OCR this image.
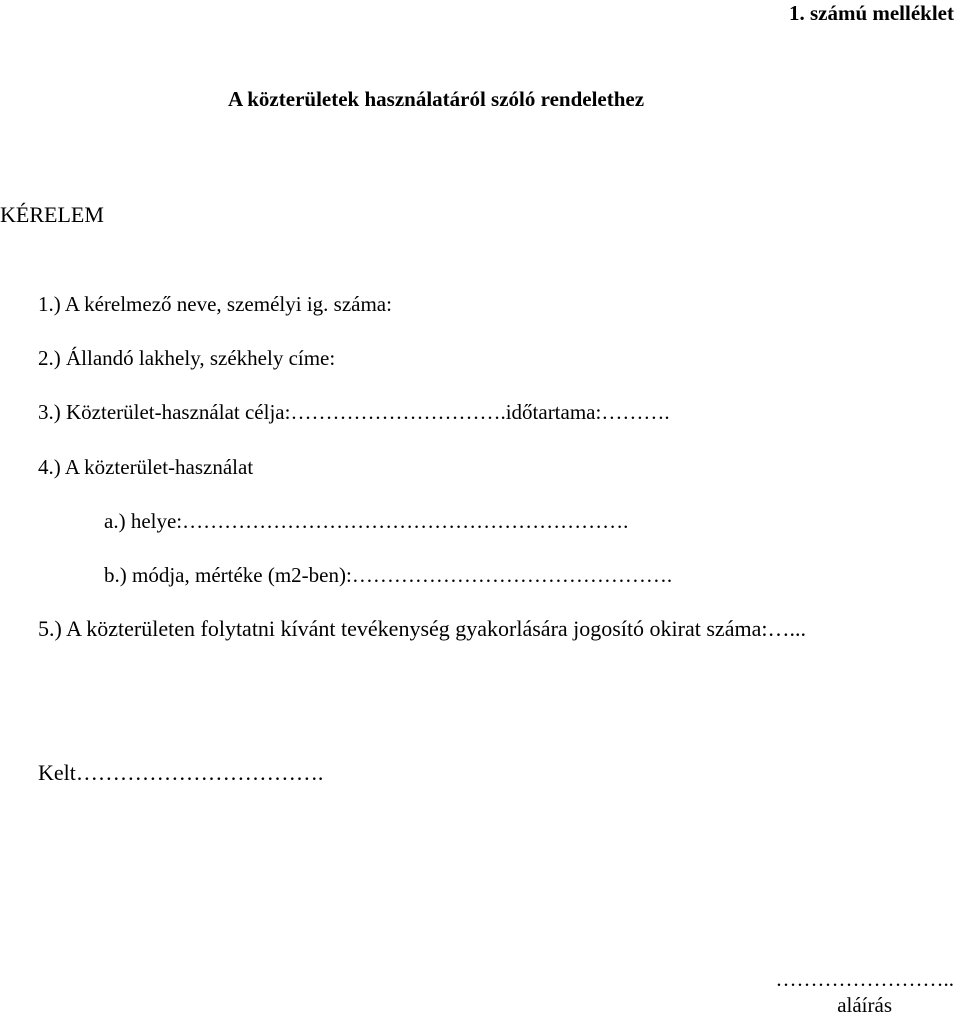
1. számú melléklet
A közterületek használatáról szóló rendelethez
KÉRELEM
1.) A kérelmező neve, személyi ig. száma:
2.) Állandó lakhely, székhely címe:
3.) Közterület-használat célja:………………………….időtartama:……….
4.) A közterület-használat
a.) helye:……………………………………………………….
b.) módja, mértéke (m2-ben):……………………………………….
5.) A közterületen folytatni kívánt tevékenység gyakorlására jogosító okirat száma:…...
Kelt…………………………….
……………………..
aláírás
